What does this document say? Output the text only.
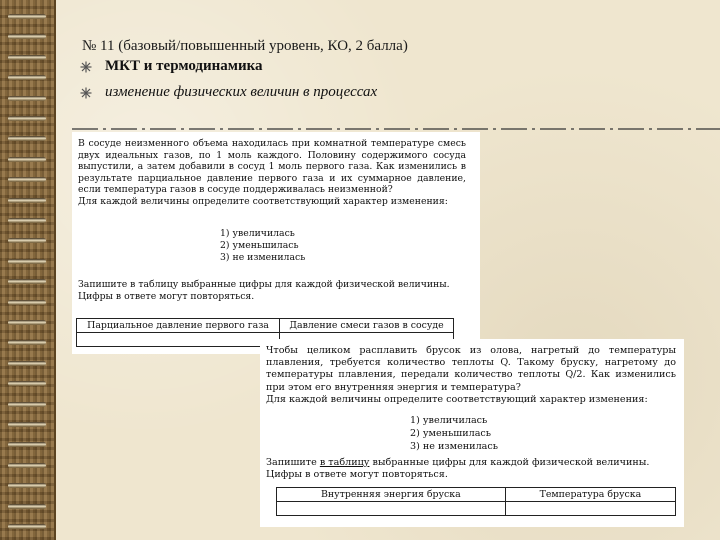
№ 11 (базовый/повышенный уровень, КО, 2 балла)
МКТ и термодинамика
изменение физических величин в процессах

В сосуде неизменного объема находилась при комнатной температуре смесь двух идеальных газов, по 1 моль каждого. Половину содержимого сосуда выпустили, а затем добавили в сосуд 1 моль первого газа. Как изменились в результате парциальное давление первого газа и их суммарное давление, если температура газов в сосуде поддерживалась неизменной?
Для каждой величины определите соответствующий характер изменения:

1) увеличилась
2) уменьшилась
3) не изменилась

Запишите в таблицу выбранные цифры для каждой физической величины. Цифры в ответе могут повторяться.

Парциальное давление первого газа	Давление смеси газов в сосуде

Чтобы целиком расплавить брусок из олова, нагретый до температуры плавления, требуется количество теплоты Q. Такому бруску, нагретому до температуры плавления, передали количество теплоты Q/2. Как изменились при этом его внутренняя энергия и температура?
Для каждой величины определите соответствующий характер изменения:

1) увеличилась
2) уменьшилась
3) не изменилась

Запишите в таблицу выбранные цифры для каждой физической величины. Цифры в ответе могут повторяться.

Внутренняя энергия бруска	Температура бруска
